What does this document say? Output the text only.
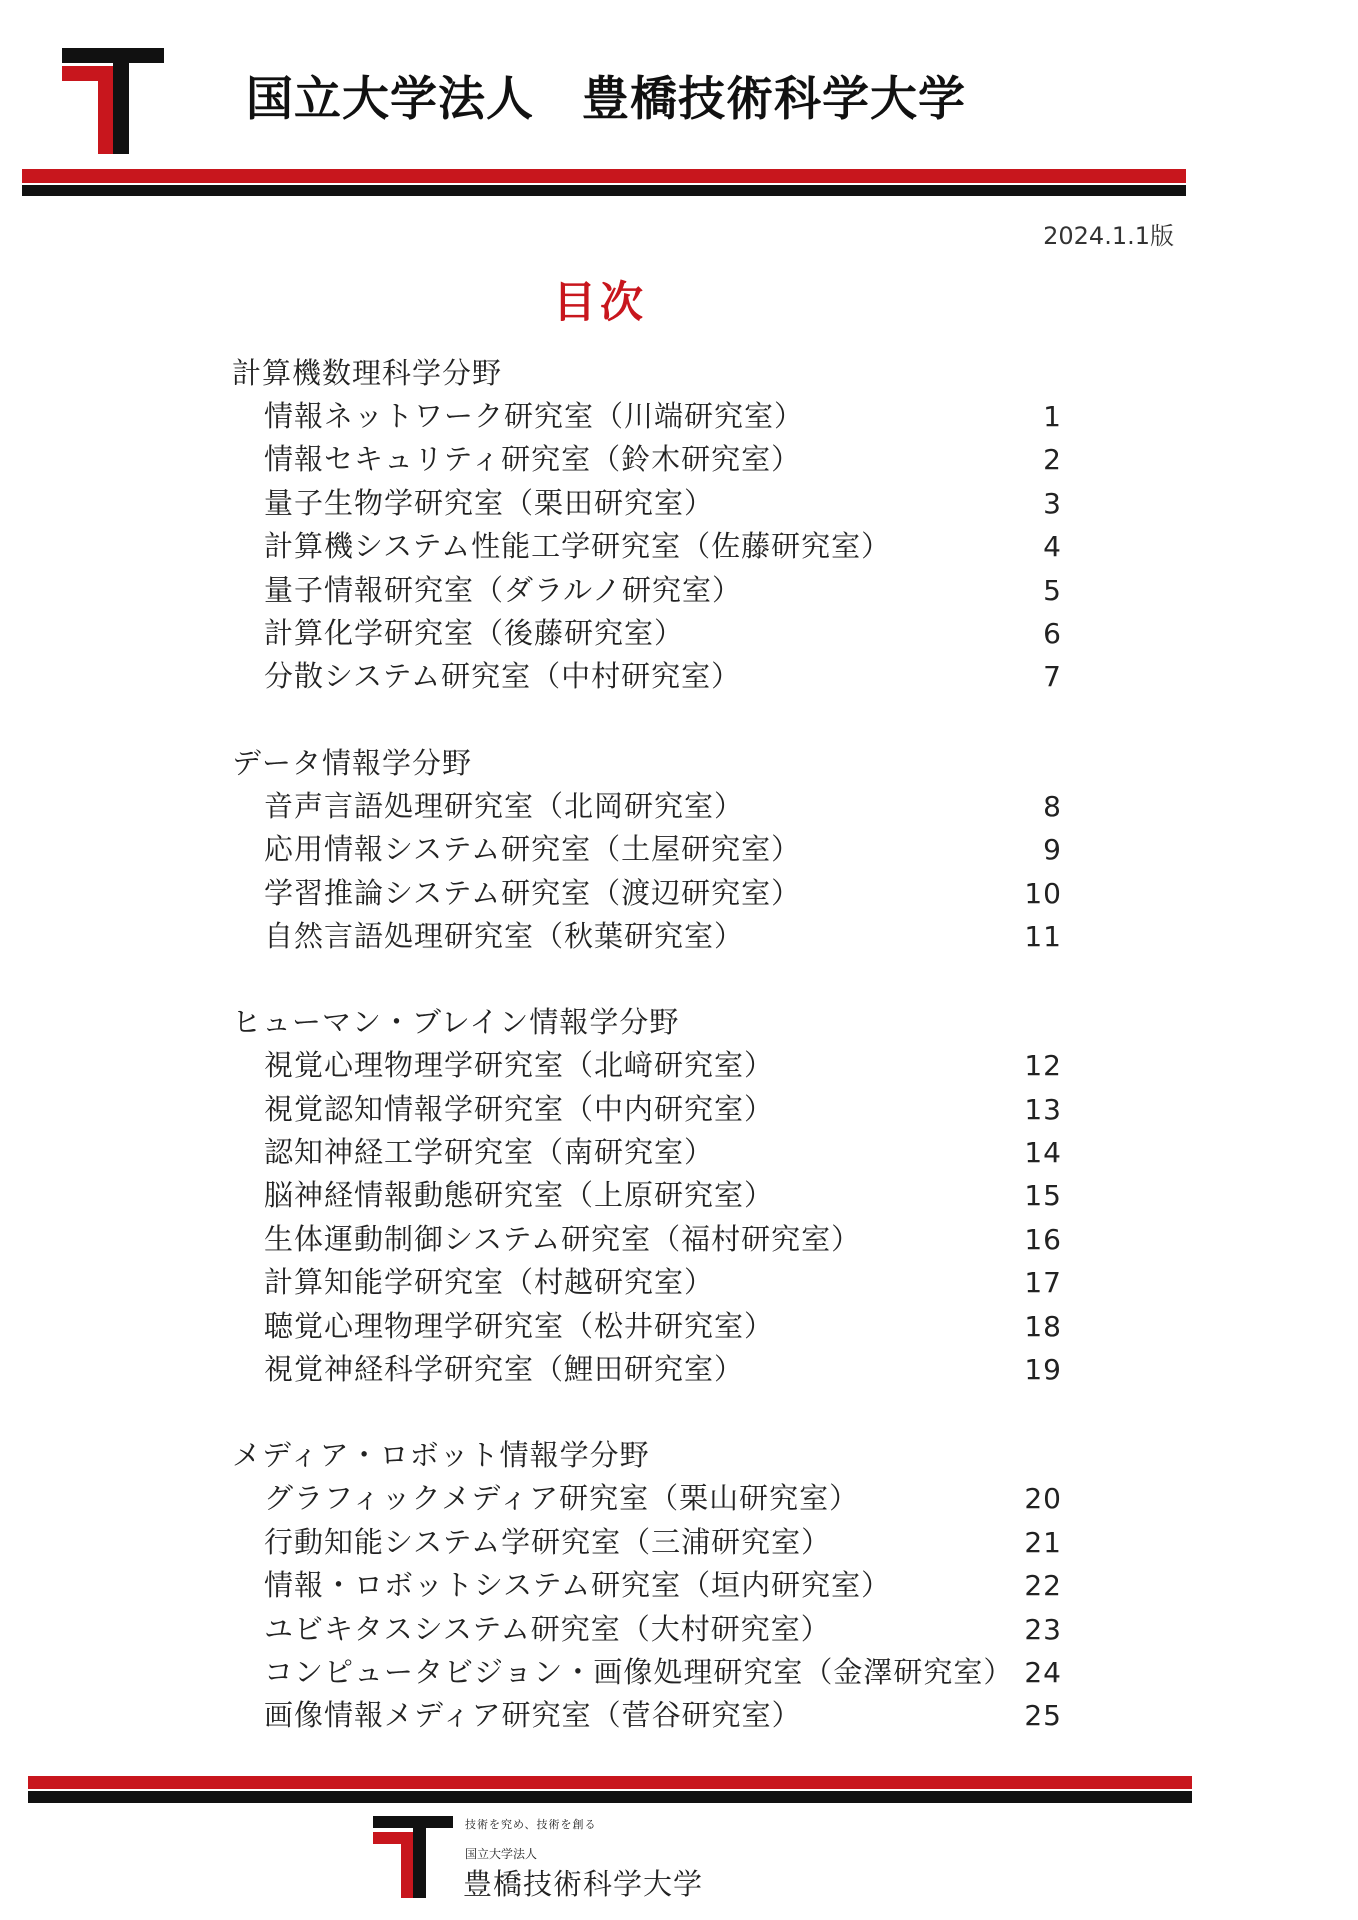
国立大学法人　豊橋技術科学大学
2024.1.1版
目次
計算機数理科学分野
情報ネットワーク研究室（川端研究室）	1
情報セキュリティ研究室（鈴木研究室）	2
量子生物学研究室（栗田研究室）	3
計算機システム性能工学研究室（佐藤研究室）	4
量子情報研究室（ダラルノ研究室）	5
計算化学研究室（後藤研究室）	6
分散システム研究室（中村研究室）	7
データ情報学分野
音声言語処理研究室（北岡研究室）	8
応用情報システム研究室（土屋研究室）	9
学習推論システム研究室（渡辺研究室）	10
自然言語処理研究室（秋葉研究室）	11
ヒューマン・ブレイン情報学分野
視覚心理物理学研究室（北﨑研究室）	12
視覚認知情報学研究室（中内研究室）	13
認知神経工学研究室（南研究室）	14
脳神経情報動態研究室（上原研究室）	15
生体運動制御システム研究室（福村研究室）	16
計算知能学研究室（村越研究室）	17
聴覚心理物理学研究室（松井研究室）	18
視覚神経科学研究室（鯉田研究室）	19
メディア・ロボット情報学分野
グラフィックメディア研究室（栗山研究室）	20
行動知能システム学研究室（三浦研究室）	21
情報・ロボットシステム研究室（垣内研究室）	22
ユビキタスシステム研究室（大村研究室）	23
コンピュータビジョン・画像処理研究室（金澤研究室） 24
画像情報メディア研究室（菅谷研究室）	25
技術を究め、技術を創る
国立大学法人
豊橋技術科学大学
